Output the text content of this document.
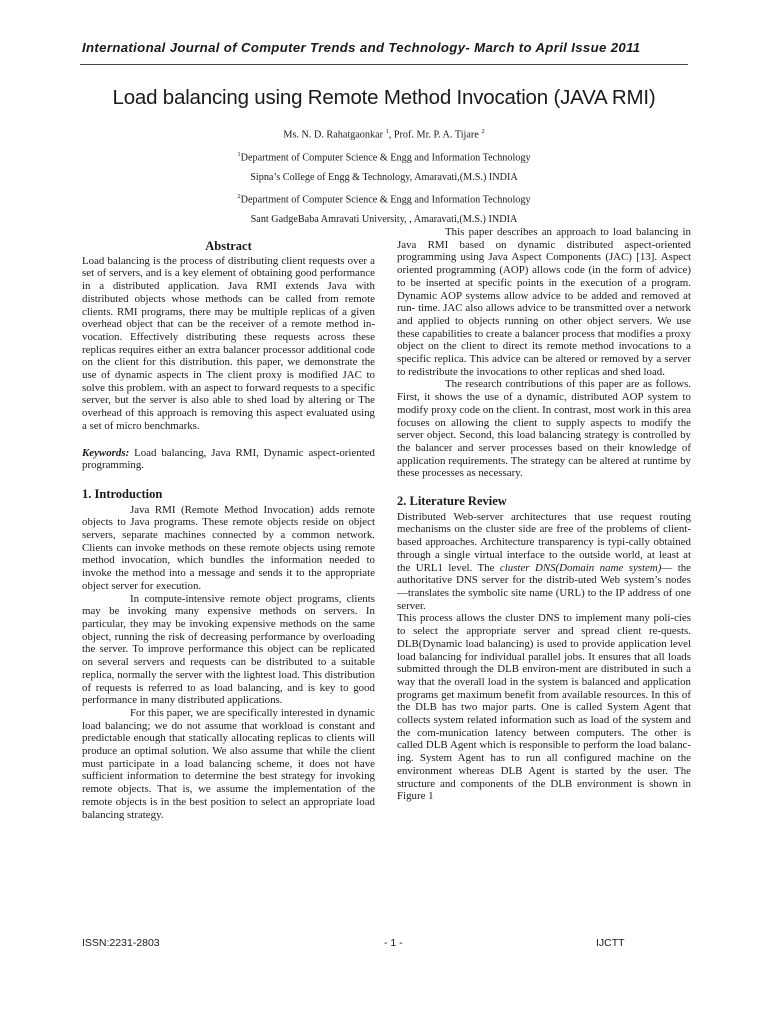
International Journal of Computer Trends and Technology- March to April Issue 2011
Load balancing using Remote Method Invocation (JAVA RMI)
Ms. N. D. Rahatgaonkar $^1$, Prof. Mr. P. A. Tijare $^2$
$^1$Department of Computer Science & Engg and Information Technology
Sipna’s College of Engg & Technology, Amaravati,(M.S.) INDIA
$^2$Department of Computer Science & Engg and Information Technology
Sant GadgeBaba Amravati University, , Amaravati,(M.S.) INDIA

Abstract

Load balancing is the process of distributing client requests over a set of servers, and is a key element of obtaining good performance in a distributed application. Java RMI extends Java with distributed objects whose methods can be called from remote clients. RMI programs, there may be multiple replicas of a given overhead object that can be the receiver of a remote method in-vocation. Effectively distributing these requests across these replicas requires either an extra balancer processor additional code on the client for this distribution. this paper, we demonstrate the use of dynamic aspects in The client proxy is modified JAC to solve this problem. with an aspect to forward requests to a specific server, but the server is also able to shed load by altering or The overhead of this approach is removing this aspect evaluated using a set of micro benchmarks.

Keywords: Load balancing, Java RMI, Dynamic aspect-oriented programming.

1. Introduction

Java RMI (Remote Method Invocation) adds remote objects to Java programs. These remote objects reside on object servers, separate machines connected by a common network. Clients can invoke methods on these remote objects using remote method invocation, which bundles the information needed to invoke the method into a message and sends it to the appropriate object server for execution.

In compute-intensive remote object programs, clients may be invoking many expensive methods on servers. In particular, they may be invoking expensive methods on the same object, running the risk of decreasing performance by overloading the server. To improve performance this object can be replicated on several servers and requests can be distributed to a suitable replica, normally the server with the lightest load. This distribution of requests is referred to as load balancing, and is key to good performance in many distributed applications.

For this paper, we are specifically interested in dynamic load balancing; we do not assume that workload is constant and predictable enough that statically allocating replicas to clients will produce an optimal solution. We also assume that while the client must participate in a load balancing scheme, it does not have sufficient information to determine the best strategy for invoking remote objects. That is, we assume the implementation of the remote objects is in the best position to select an appropriate load balancing strategy.

This paper describes an approach to load balancing in Java RMI based on dynamic distributed aspect-oriented programming using Java Aspect Components (JAC) [13]. Aspect oriented programming (AOP) allows code (in the form of advice) to be inserted at specific points in the execution of a program. Dynamic AOP systems allow advice to be added and removed at run- time. JAC also allows advice to be transmitted over a network and applied to objects running on other object servers. We use these capabilities to create a balancer process that modifies a proxy object on the client to direct its remote method invocations to a specific replica. This advice can be altered or removed by a server to redistribute the invocations to other replicas and shed load.

The research contributions of this paper are as follows. First, it shows the use of a dynamic, distributed AOP system to modify proxy code on the client. In contrast, most work in this area focuses on allowing the client to supply aspects to modify the server object. Second, this load balancing strategy is controlled by the balancer and server processes based on their knowledge of application requirements. The strategy can be altered at runtime by these processes as necessary.

2. Literature Review

Distributed Web-server architectures that use request routing mechanisms on the cluster side are free of the problems of client-based approaches. Architecture transparency is typi-cally obtained through a single virtual interface to the outside world, at least at the URL1 level. The cluster DNS(Domain name system)— the authoritative DNS server for the distrib-uted Web system’s nodes—translates the symbolic site name (URL) to the IP address of one server.

This process allows the cluster DNS to implement many poli-cies to select the appropriate server and spread client re-quests. DLB(Dynamic load balancing) is used to provide application level load balancing for individual parallel jobs. It ensures that all loads submitted through the DLB environ-ment are distributed in such a way that the overall load in the system is balanced and application programs get maximum benefit from available resources. In this of the DLB has two major parts. One is called System Agent that collects system related information such as load of the system and the com-munication latency between computers. The other is called DLB Agent which is responsible to perform the load balanc-ing. System Agent has to run all configured machine on the environment whereas DLB Agent is started by the user. The structure and components of the DLB environment is shown in Figure 1

ISSN:2231-2803	- 1 -	IJCTT
